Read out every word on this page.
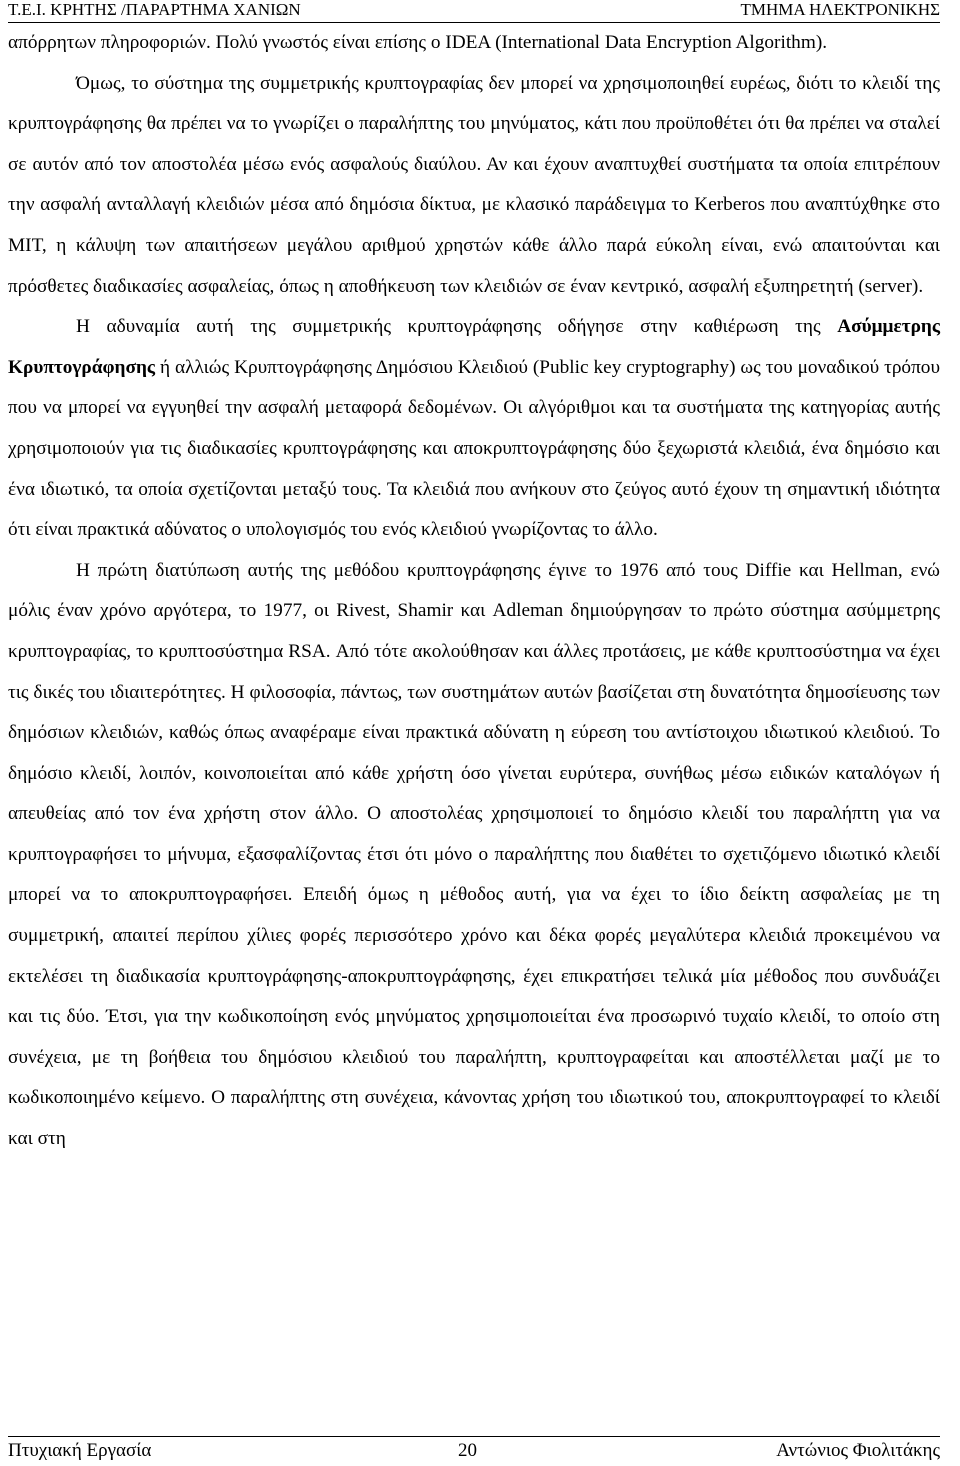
Τ.Ε.Ι. ΚΡΗΤΗΣ /ΠΑΡΑΡΤΗΜΑ ΧΑΝΙΩΝ	ΤΜΗΜΑ ΗΛΕΚΤΡΟΝΙΚΗΣ

απόρρητων πληροφοριών. Πολύ γνωστός είναι επίσης ο IDEA (International Data Encryption Algorithm).

Όμως, το σύστημα της συμμετρικής κρυπτογραφίας δεν μπορεί να χρησιμοποιηθεί ευρέως, διότι το κλειδί της κρυπτογράφησης θα πρέπει να το γνωρίζει ο παραλήπτης του μηνύματος, κάτι που προϋποθέτει ότι θα πρέπει να σταλεί σε αυτόν από τον αποστολέα μέσω ενός ασφαλούς διαύλου. Αν και έχουν αναπτυχθεί συστήματα τα οποία επιτρέπουν την ασφαλή ανταλλαγή κλειδιών μέσα από δημόσια δίκτυα, με κλασικό παράδειγμα το Kerberos που αναπτύχθηκε στο MIT, η κάλυψη των απαιτήσεων μεγάλου αριθμού χρηστών κάθε άλλο παρά εύκολη είναι, ενώ απαιτούνται και πρόσθετες διαδικασίες ασφαλείας, όπως η αποθήκευση των κλειδιών σε έναν κεντρικό, ασφαλή εξυπηρετητή (server).

Η αδυναμία αυτή της συμμετρικής κρυπτογράφησης οδήγησε στην καθιέρωση της Ασύμμετρης Κρυπτογράφησης ή αλλιώς Κρυπτογράφησης Δημόσιου Κλειδιού (Public key cryptography) ως του μοναδικού τρόπου που να μπορεί να εγγυηθεί την ασφαλή μεταφορά δεδομένων. Οι αλγόριθμοι και τα συστήματα της κατηγορίας αυτής χρησιμοποιούν για τις διαδικασίες κρυπτογράφησης και αποκρυπτογράφησης δύο ξεχωριστά κλειδιά, ένα δημόσιο και ένα ιδιωτικό, τα οποία σχετίζονται μεταξύ τους. Τα κλειδιά που ανήκουν στο ζεύγος αυτό έχουν τη σημαντική ιδιότητα ότι είναι πρακτικά αδύνατος ο υπολογισμός του ενός κλειδιού γνωρίζοντας το άλλο.

Η πρώτη διατύπωση αυτής της μεθόδου κρυπτογράφησης έγινε το 1976 από τους Diffie και Hellman, ενώ μόλις έναν χρόνο αργότερα, το 1977, οι Rivest, Shamir και Adleman δημιούργησαν το πρώτο σύστημα ασύμμετρης κρυπτογραφίας, το κρυπτοσύστημα RSA. Από τότε ακολούθησαν και άλλες προτάσεις, με κάθε κρυπτοσύστημα να έχει τις δικές του ιδιαιτερότητες. Η φιλοσοφία, πάντως, των συστημάτων αυτών βασίζεται στη δυνατότητα δημοσίευσης των δημόσιων κλειδιών, καθώς όπως αναφέραμε είναι πρακτικά αδύνατη η εύρεση του αντίστοιχου ιδιωτικού κλειδιού. Το δημόσιο κλειδί, λοιπόν, κοινοποιείται από κάθε χρήστη όσο γίνεται ευρύτερα, συνήθως μέσω ειδικών καταλόγων ή απευθείας από τον ένα χρήστη στον άλλο. Ο αποστολέας χρησιμοποιεί το δημόσιο κλειδί του παραλήπτη για να κρυπτογραφήσει το μήνυμα, εξασφαλίζοντας έτσι ότι μόνο ο παραλήπτης που διαθέτει το σχετιζόμενο ιδιωτικό κλειδί μπορεί να το αποκρυπτογραφήσει. Επειδή όμως η μέθοδος αυτή, για να έχει το ίδιο δείκτη ασφαλείας με τη συμμετρική, απαιτεί περίπου χίλιες φορές περισσότερο χρόνο και δέκα φορές μεγαλύτερα κλειδιά προκειμένου να εκτελέσει τη διαδικασία κρυπτογράφησης-αποκρυπτογράφησης, έχει επικρατήσει τελικά μία μέθοδος που συνδυάζει και τις δύο. Έτσι, για την κωδικοποίηση ενός μηνύματος χρησιμοποιείται ένα προσωρινό τυχαίο κλειδί, το οποίο στη συνέχεια, με τη βοήθεια του δημόσιου κλειδιού του παραλήπτη, κρυπτογραφείται και αποστέλλεται μαζί με το κωδικοποιημένο κείμενο. Ο παραλήπτης στη συνέχεια, κάνοντας χρήση του ιδιωτικού του, αποκρυπτογραφεί το κλειδί και στη

Πτυχιακή Εργασία	20	Αντώνιος Φιολιτάκης
